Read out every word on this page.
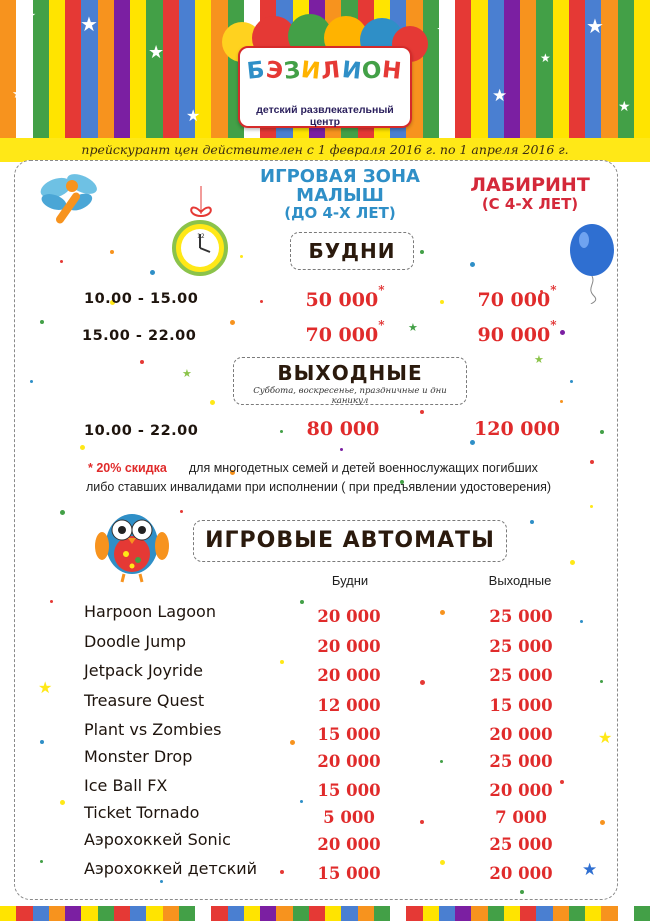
★ ★
★
★
★
★
★
★
★
★
БЭЗИЛИОН
детский развлекательный центр
прейскурант цен действителен с 1 февраля 2016 г. по 1 апреля 2016 г.
12
★
★
★
★
★
★
ИГРОВАЯ ЗОНА
МАЛЫШ
(ДО 4-Х ЛЕТ)
ЛАБИРИНТ
(С 4-Х ЛЕТ)
БУДНИ
10.00 - 15.00	50 000*	70 000*
15.00 - 22.00	70 000*	90 000*
ВЫХОДНЫЕ
Суббота, воскресенье, праздничные и дни каникул
10.00 - 22.00	80 000	120 000
* 20% скидка для многодетных семей и детей военнослужащих погибших
либо ставших инвалидами при исполнении ( при предъявлении удостоверения)
ИГРОВЫЕ АВТОМАТЫ
Будни	Выходные
Harpoon Lagoon	20 000	25 000
Doodle Jump	20 000	25 000
Jetpack Joyride	20 000	25 000
Treasure Quest	12 000	15 000
Plant vs Zombies	15 000	20 000
Monster Drop	20 000	25 000
Ice Ball FX	15 000	20 000
Ticket Tornado	5 000	7 000
Аэрохоккей Sonic	20 000	25 000
Аэрохоккей детский	15 000	20 000
